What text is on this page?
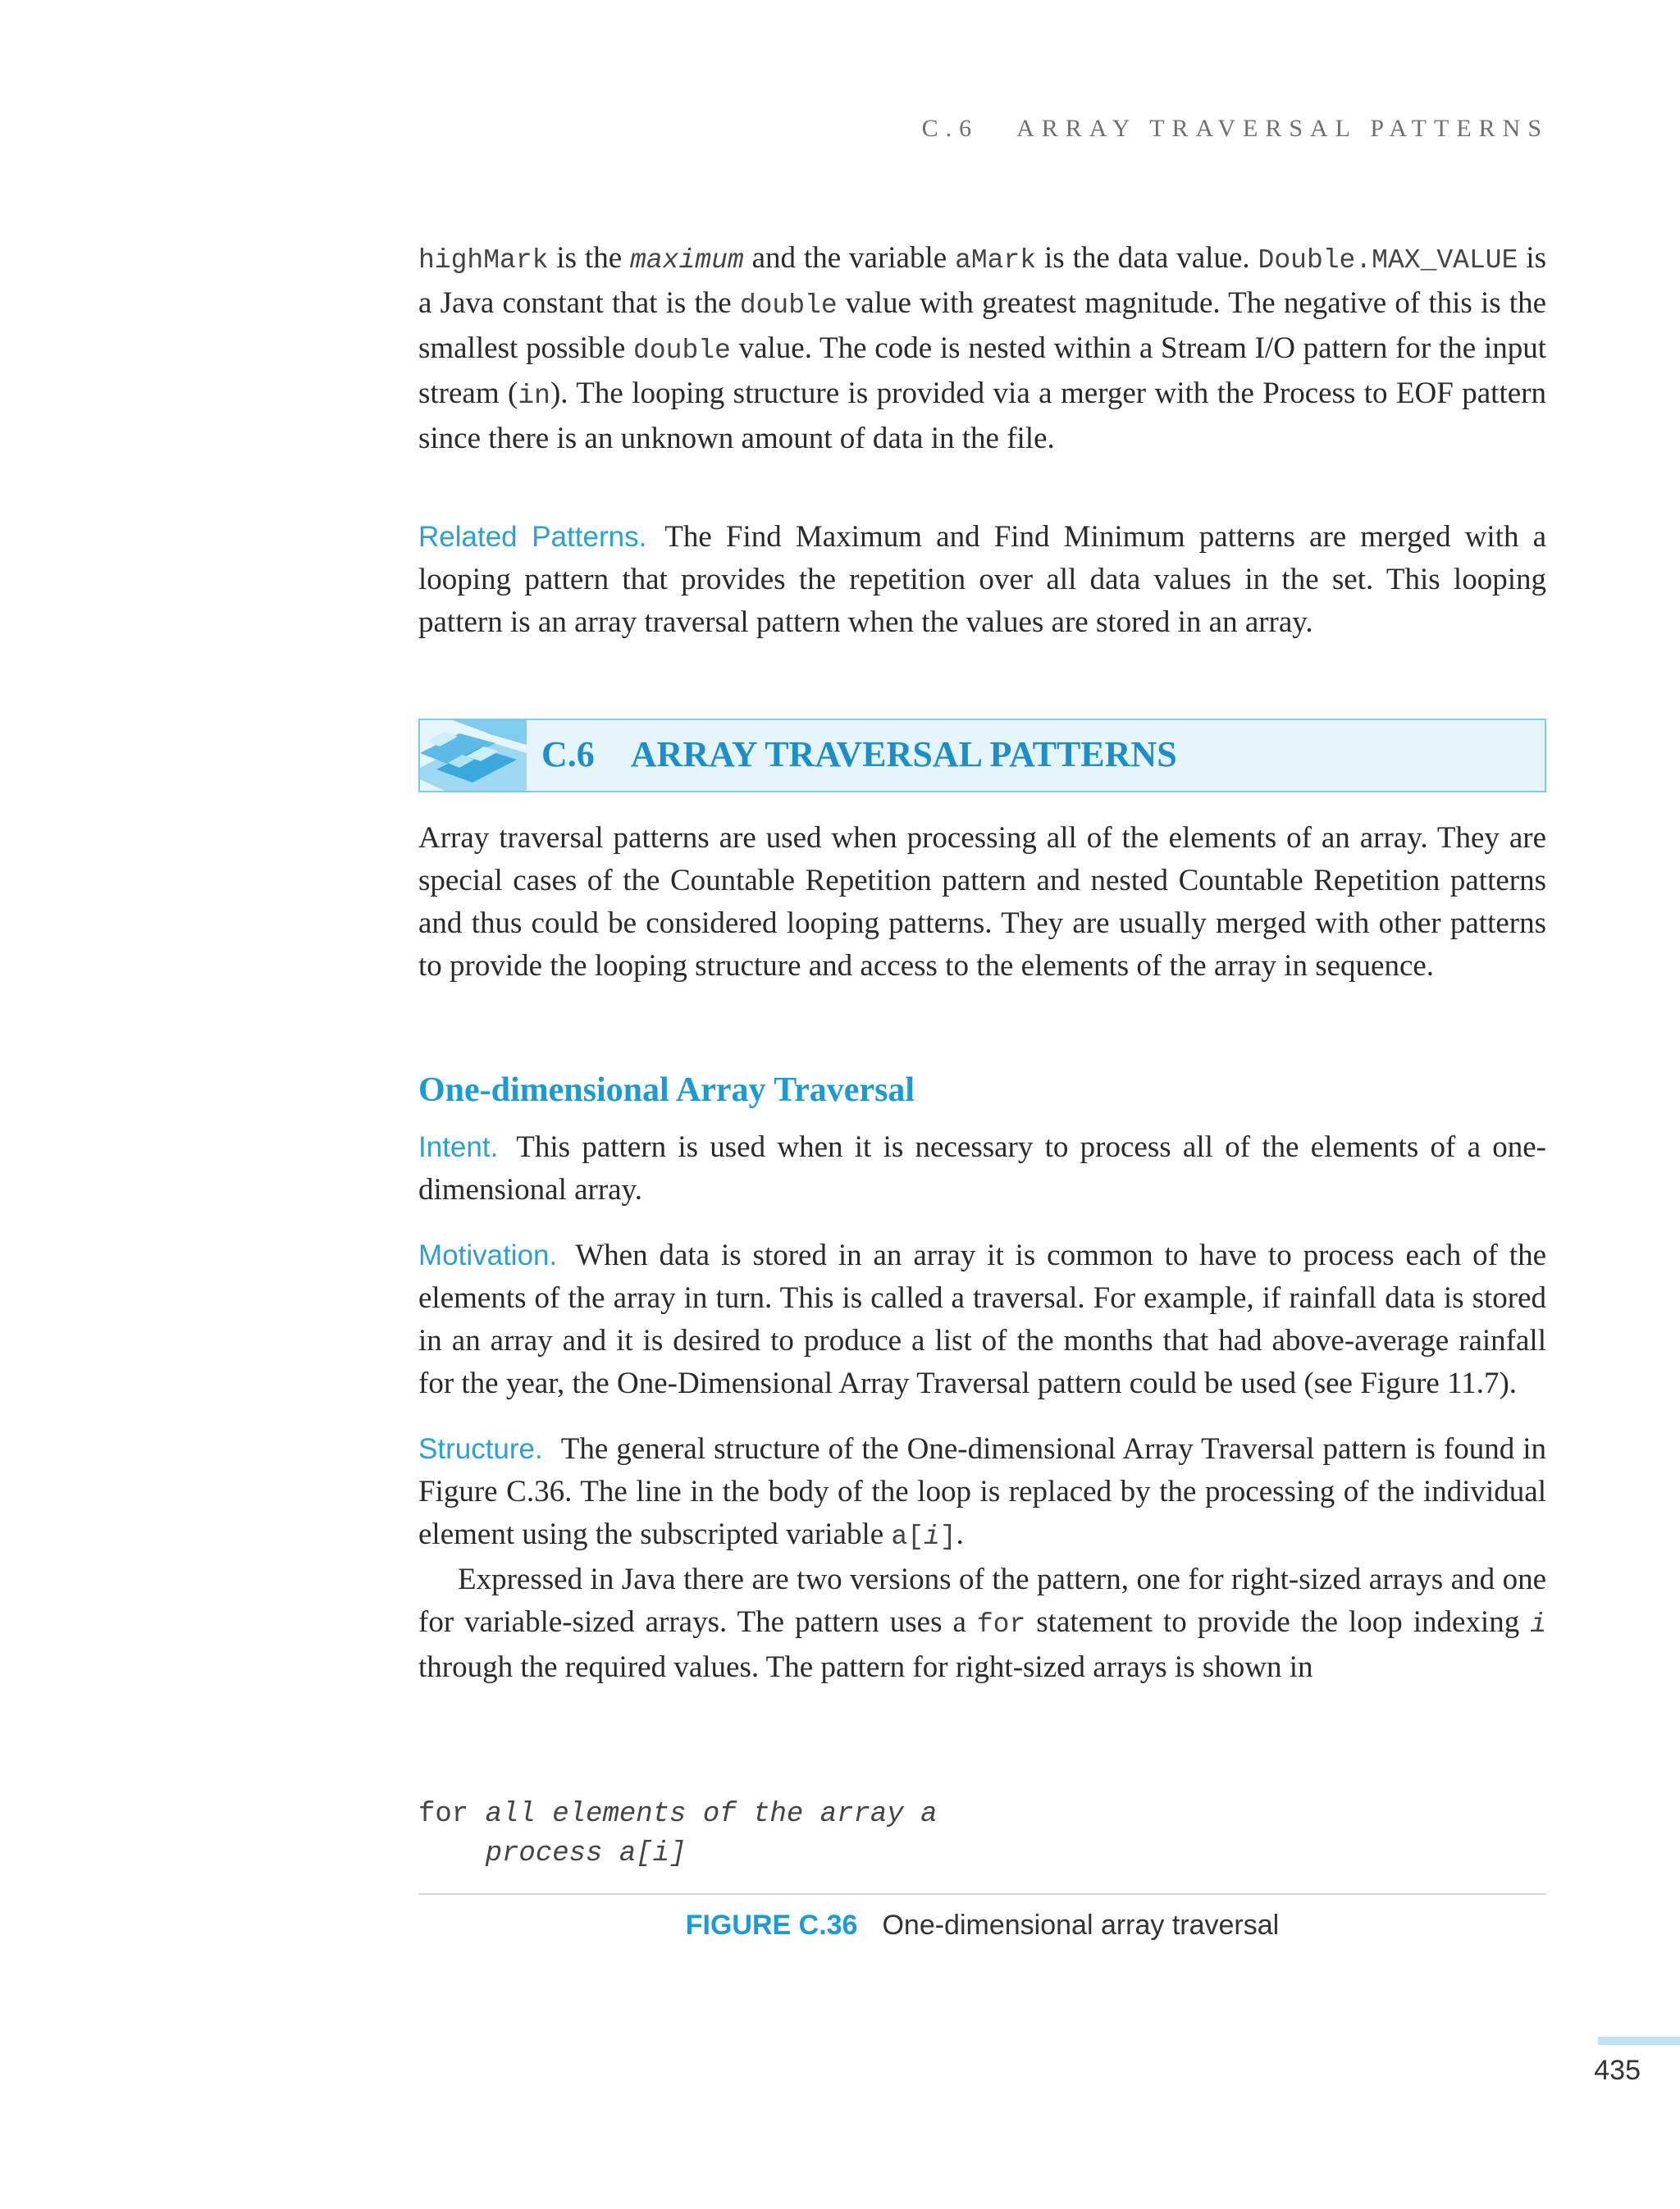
C.6 ARRAY TRAVERSAL PATTERNS

highMark is the maximum and the variable aMark is the data value. Double.MAX_VALUE is a Java constant that is the double value with greatest magnitude. The negative of this is the smallest possible double value. The code is nested within a Stream I/O pattern for the input stream (in). The looping structure is provided via a merger with the Process to EOF pattern since there is an unknown amount of data in the file.

Related Patterns. The Find Maximum and Find Minimum patterns are merged with a looping pattern that provides the repetition over all data values in the set. This looping pattern is an array traversal pattern when the values are stored in an array.

C.6 ARRAY TRAVERSAL PATTERNS

Array traversal patterns are used when processing all of the elements of an array. They are special cases of the Countable Repetition pattern and nested Countable Repetition patterns and thus could be considered looping patterns. They are usually merged with other patterns to provide the looping structure and access to the elements of the array in sequence.

One-dimensional Array Traversal

Intent. This pattern is used when it is necessary to process all of the elements of a one-dimensional array.

Motivation. When data is stored in an array it is common to have to process each of the elements of the array in turn. This is called a traversal. For example, if rainfall data is stored in an array and it is desired to produce a list of the months that had above-average rainfall for the year, the One-Dimensional Array Traversal pattern could be used (see Figure 11.7).

Structure. The general structure of the One-dimensional Array Traversal pattern is found in Figure C.36. The line in the body of the loop is replaced by the processing of the individual element using the subscripted variable a[i].

Expressed in Java there are two versions of the pattern, one for right-sized arrays and one for variable-sized arrays. The pattern uses a for statement to provide the loop indexing i through the required values. The pattern for right-sized arrays is shown in

for all elements of the array a
process a[i]
FIGURE C.36 One-dimensional array traversal
435
